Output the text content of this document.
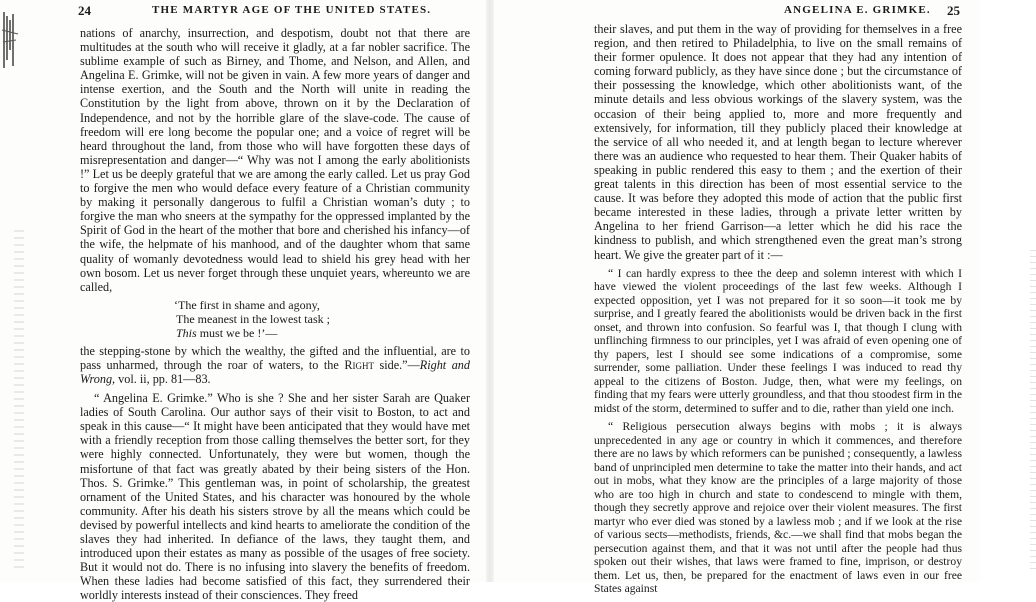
24	THE MARTYR AGE OF THE UNITED STATES.

nations of anarchy, insurrection, and despotism, doubt not that there are multitudes at the south who will receive it gladly, at a far nobler sacrifice. The sublime example of such as Birney, and Thome, and Nelson, and Allen, and Angelina E. Grimke, will not be given in vain. A few more years of danger and intense exertion, and the South and the North will unite in reading the Constitution by the light from above, thrown on it by the Declaration of Independence, and not by the horrible glare of the slave-code. The cause of freedom will ere long become the popular one; and a voice of regret will be heard throughout the land, from those who will have forgotten these days of misrepresentation and danger—“ Why was not I among the early abolitionists !” Let us be deeply grateful that we are among the early called. Let us pray God to forgive the men who would deface every feature of a Christian community by making it personally dangerous to fulfil a Christian woman’s duty ; to forgive the man who sneers at the sympathy for the oppressed implanted by the Spirit of God in the heart of the mother that bore and cherished his infancy—of the wife, the helpmate of his manhood, and of the daughter whom that same quality of womanly devotedness would lead to shield his grey head with her own bosom. Let us never forget through these unquiet years, whereunto we are called,

‘The first in shame and agony,
The meanest in the lowest task ;
This must we be !’—

the stepping-stone by which the wealthy, the gifted and the influential, are to pass unharmed, through the roar of waters, to the Right side.”—Right and Wrong, vol. ii, pp. 81—83.

“ Angelina E. Grimke.” Who is she ? She and her sister Sarah are Quaker ladies of South Carolina. Our author says of their visit to Boston, to act and speak in this cause—“ It might have been anticipated that they would have met with a friendly reception from those calling themselves the better sort, for they were highly connected. Unfortunately, they were but women, though the misfortune of that fact was greatly abated by their being sisters of the Hon. Thos. S. Grimke.” This gentleman was, in point of scholarship, the greatest ornament of the United States, and his character was honoured by the whole community. After his death his sisters strove by all the means which could be devised by powerful intellects and kind hearts to ameliorate the condition of the slaves they had inherited. In defiance of the laws, they taught them, and introduced upon their estates as many as possible of the usages of free society. But it would not do. There is no infusing into slavery the benefits of freedom. When these ladies had become satisfied of this fact, they surrendered their worldly interests instead of their consciences. They freed

ANGELINA E. GRIMKE. 25

their slaves, and put them in the way of providing for themselves in a free region, and then retired to Philadelphia, to live on the small remains of their former opulence. It does not appear that they had any intention of coming forward publicly, as they have since done ; but the circumstance of their possessing the knowledge, which other abolitionists want, of the minute details and less obvious workings of the slavery system, was the occasion of their being applied to, more and more frequently and extensively, for information, till they publicly placed their knowledge at the service of all who needed it, and at length began to lecture wherever there was an audience who requested to hear them. Their Quaker habits of speaking in public rendered this easy to them ; and the exertion of their great talents in this direction has been of most essential service to the cause. It was before they adopted this mode of action that the public first became interested in these ladies, through a private letter written by Angelina to her friend Garrison—a letter which he did his race the kindness to publish, and which strengthened even the great man’s strong heart. We give the greater part of it :—

“ I can hardly express to thee the deep and solemn interest with which I have viewed the violent proceedings of the last few weeks. Although I expected opposition, yet I was not prepared for it so soon—it took me by surprise, and I greatly feared the abolitionists would be driven back in the first onset, and thrown into confusion. So fearful was I, that though I clung with unflinching firmness to our principles, yet I was afraid of even opening one of thy papers, lest I should see some indications of a compromise, some surrender, some palliation. Under these feelings I was induced to read thy appeal to the citizens of Boston. Judge, then, what were my feelings, on finding that my fears were utterly groundless, and that thou stoodest firm in the midst of the storm, determined to suffer and to die, rather than yield one inch.

“ Religious persecution always begins with mobs ; it is always unprecedented in any age or country in which it commences, and therefore there are no laws by which reformers can be punished ; consequently, a lawless band of unprincipled men determine to take the matter into their hands, and act out in mobs, what they know are the principles of a large majority of those who are too high in church and state to condescend to mingle with them, though they secretly approve and rejoice over their violent measures. The first martyr who ever died was stoned by a lawless mob ; and if we look at the rise of various sects—methodists, friends, &c.—we shall find that mobs began the persecution against them, and that it was not until after the people had thus spoken out their wishes, that laws were framed to fine, imprison, or destroy them. Let us, then, be prepared for the enactment of laws even in our free States against
